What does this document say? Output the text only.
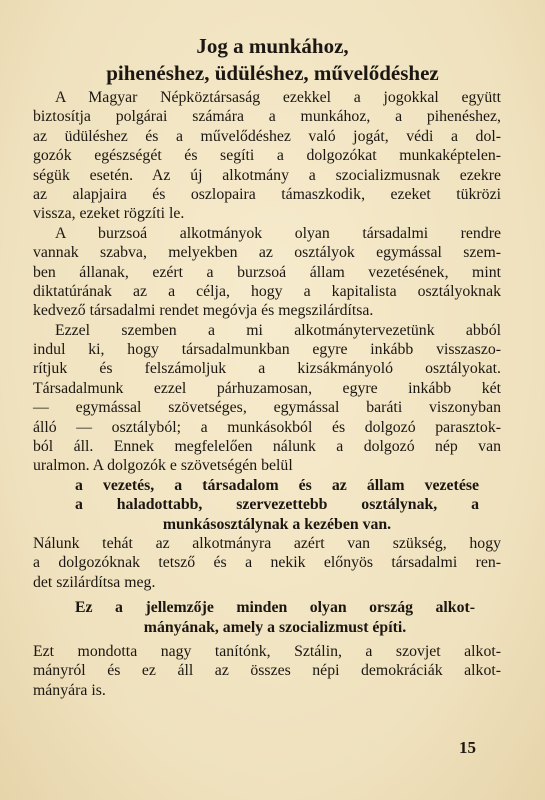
Jog a munkához,
pihenéshez, üdüléshez, művelődéshez
A Magyar Népköztársaság ezekkel a jogokkal együtt
biztosítja polgárai számára a munkához, a pihenéshez,
az üdüléshez és a művelődéshez való jogát, védi a dol-
gozók egészségét és segíti a dolgozókat munkaképtelen-
ségük esetén. Az új alkotmány a szocializmusnak ezekre
az alapjaira és oszlopaira támaszkodik, ezeket tükrözi
vissza, ezeket rögzíti le.
A burzsoá alkotmányok olyan társadalmi rendre
vannak szabva, melyekben az osztályok egymással szem-
ben állanak, ezért a burzsoá állam vezetésének, mint
diktatúrának az a célja, hogy a kapitalista osztályoknak
kedvező társadalmi rendet megóvja és megszilárdítsa.
Ezzel szemben a mi alkotmánytervezetünk abból
indul ki, hogy társadalmunkban egyre inkább visszaszo-
rítjuk és felszámoljuk a kizsákmányoló osztályokat.
Társadalmunk ezzel párhuzamosan, egyre inkább két
— egymással szövetséges, egymással baráti viszonyban
álló — osztályból; a munkásokból és dolgozó parasztok-
ból áll. Ennek megfelelően nálunk a dolgozó nép van
uralmon. A dolgozók e szövetségén belül
a vezetés, a társadalom és az állam vezetése
a haladottabb, szervezettebb osztálynak, a
munkásosztálynak a kezében van.
Nálunk tehát az alkotmányra azért van szükség, hogy
a dolgozóknak tetsző és a nekik előnyös társadalmi ren-
det szilárdítsa meg.
Ez a jellemzője minden olyan ország alkot-
mányának, amely a szocializmust építi.
Ezt mondotta nagy tanítónk, Sztálin, a szovjet alkot-
mányról és ez áll az összes népi demokráciák alkot-
mányára is.
15
